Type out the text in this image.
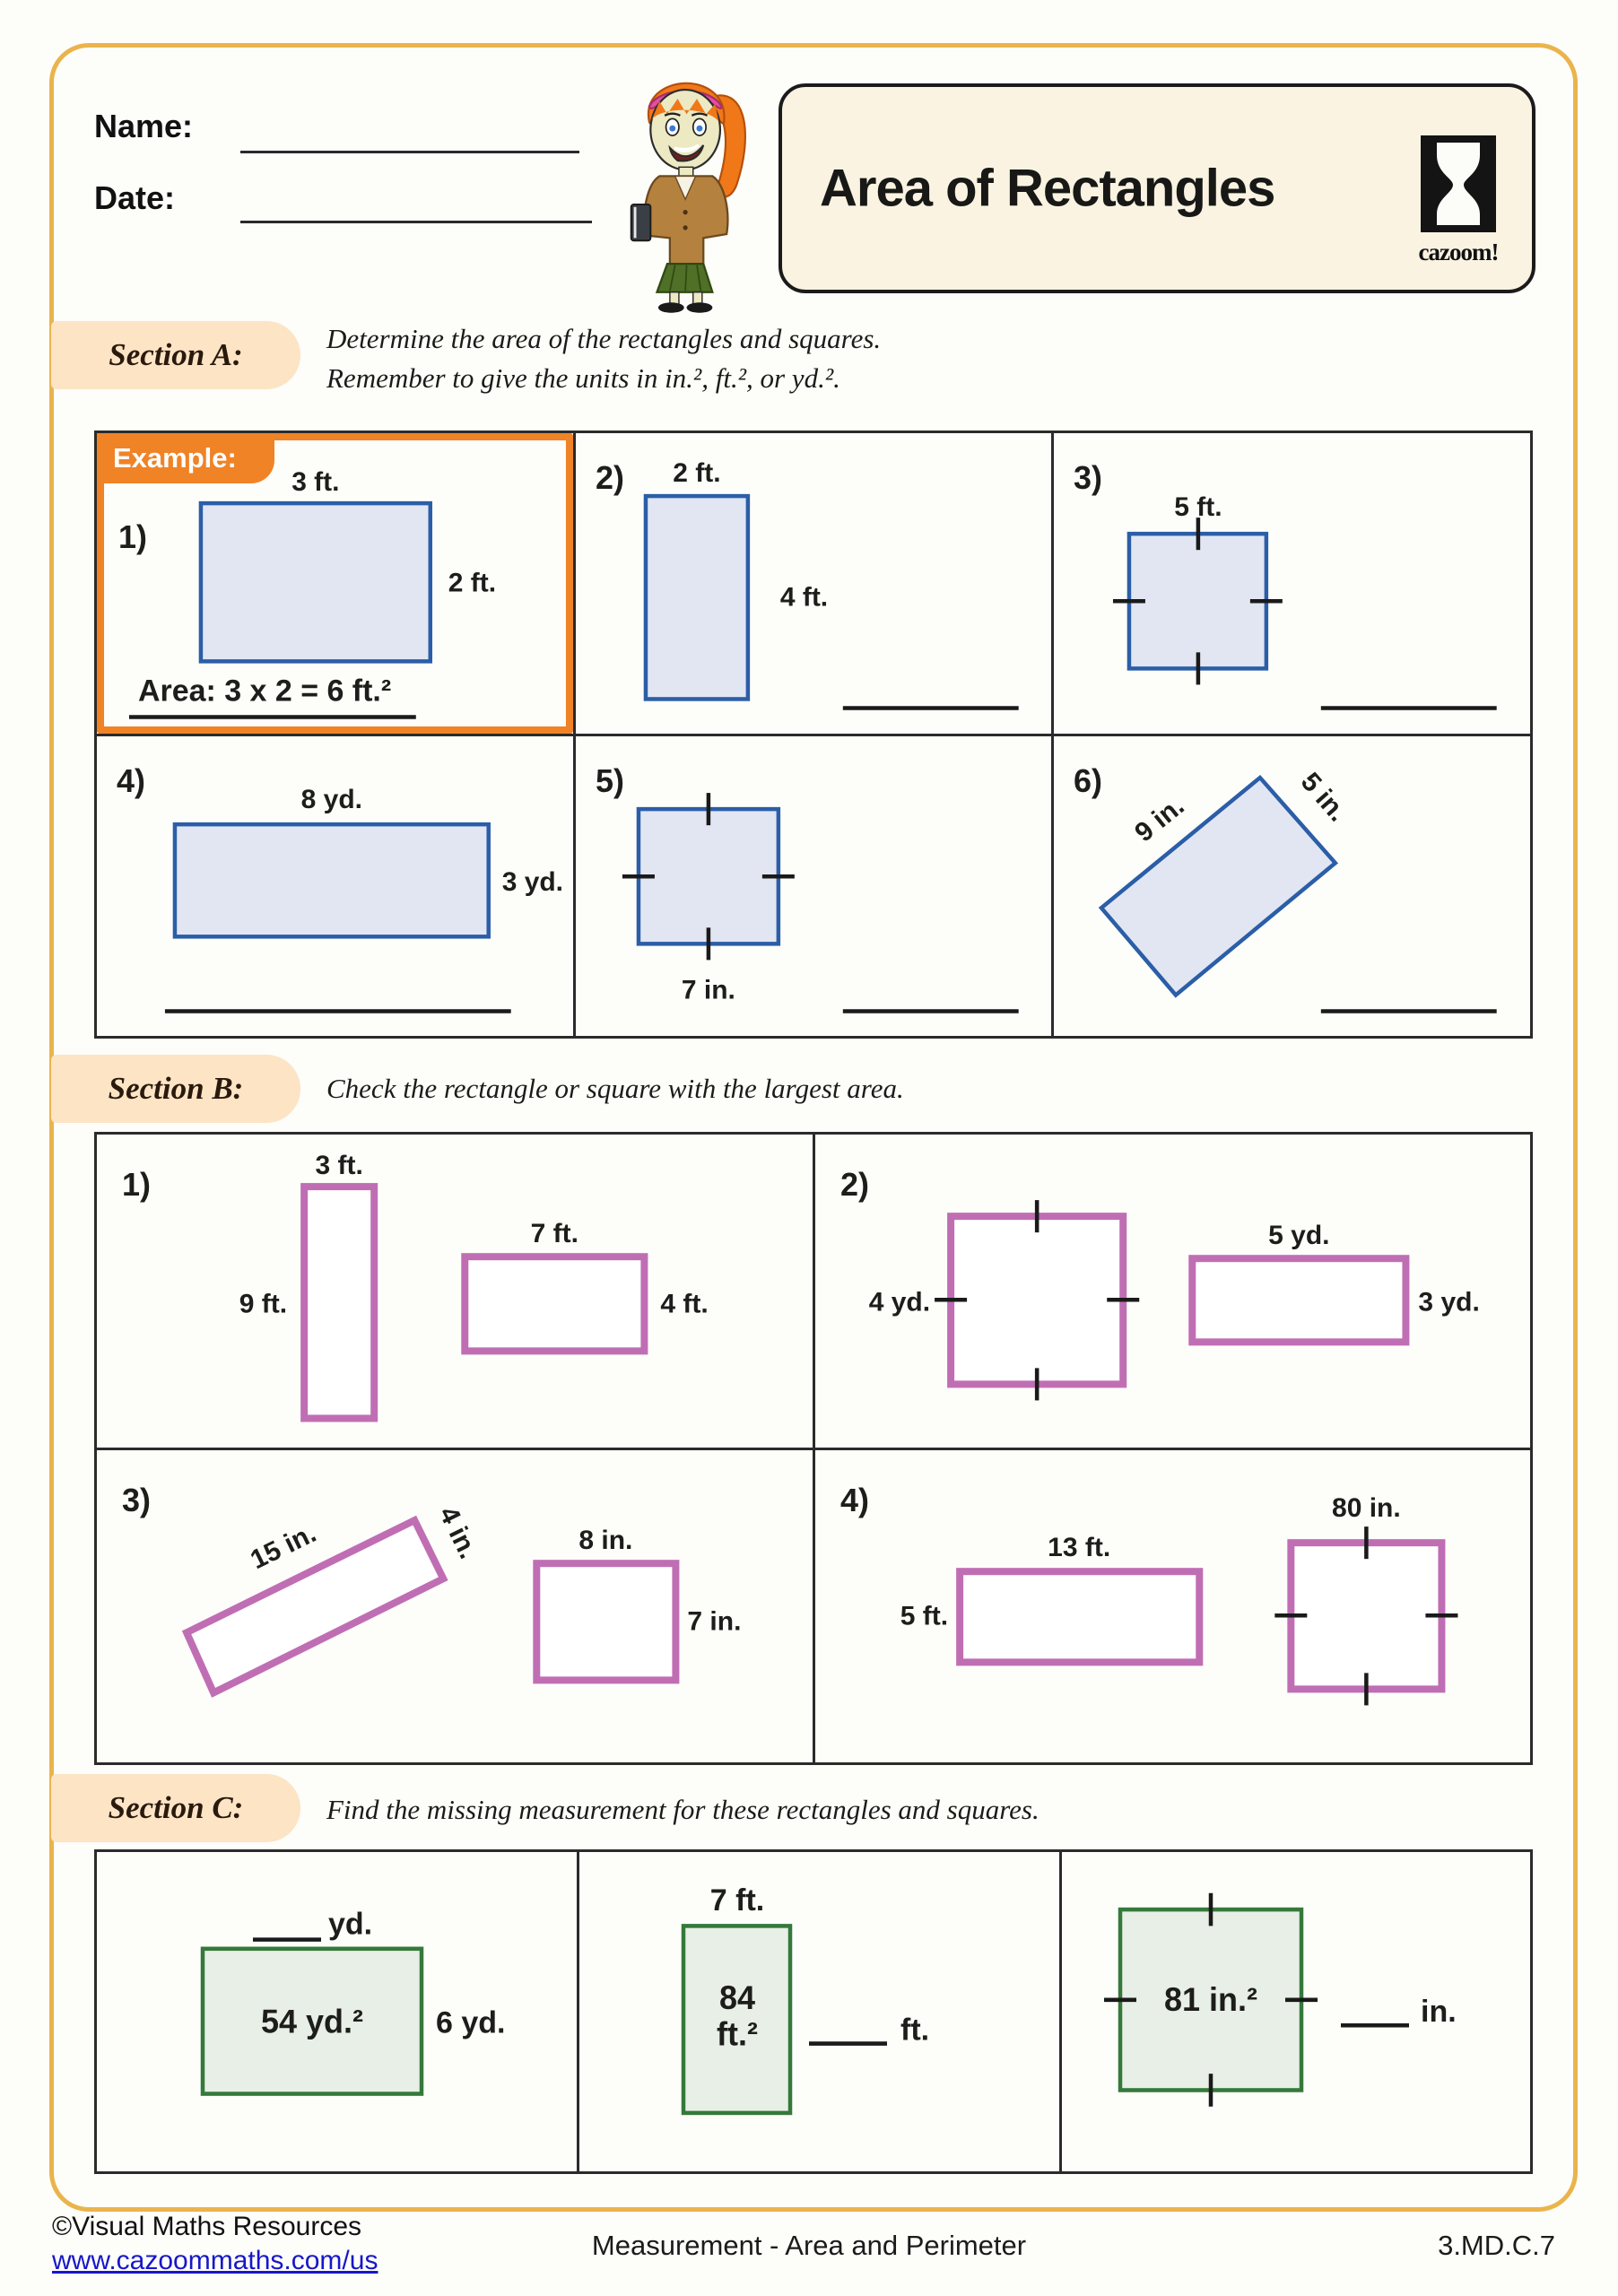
Name:
Date:	Area of Rectangles
cazoom!
Section A:	Determine the area of the rectangles and squares.
Remember to give the units in in.², ft.², or yd.².
Example:
1)
3 ft.
2 ft.
Area: 3 x 2 = 6 ft.²
2) 2 ft.
4 ft.
3)
5 ft.
4)
8 yd.
3 yd.
5)
7 in.
6)
9 in.	5 in.
Section B:	Check the rectangle or square with the largest area.
1)
3 ft.
9 ft.
7 ft.
4 ft.
2)
4 yd.
5 yd.
3 yd.
3)
15 in.	4 in.	8 in.
7 in.
4)
13 ft.
5 ft.
80 in.
Section C:	Find the missing measurement for these rectangles and squares.
yd.
54 yd.² 6 yd.
7 ft.
84
ft.²	ft.
81 in.²	in.
©Visual Maths Resources
www.cazoommaths.com/us	Measurement - Area and Perimeter	3.MD.C.7
